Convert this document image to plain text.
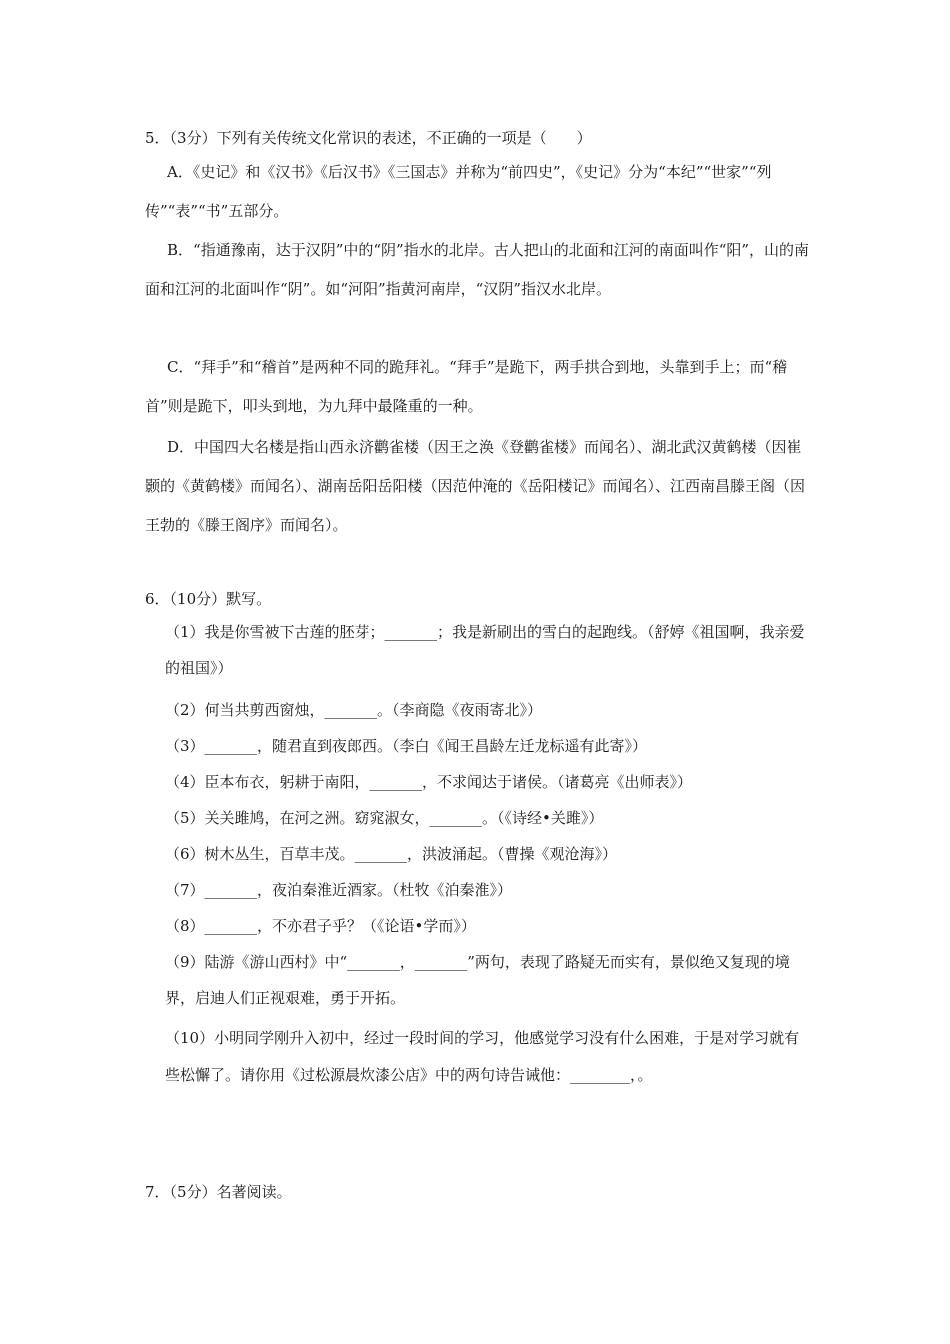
5．（3分）下列有关传统文化常识的表述，不正确的一项是（　　）
A．《史记》和《汉书》《后汉书》《三国志》并称为“前四史”，《史记》分为“本纪”“世家”“列传”“表”“书”五部分。
B．“指通豫南，达于汉阴”中的“阴”指水的北岸。古人把山的北面和江河的南面叫作“阳”，山的南面和江河的北面叫作“阴”。如“河阳”指黄河南岸，“汉阴”指汉水北岸。
C．“拜手”和“稽首”是两种不同的跪拜礼。“拜手”是跪下，两手拱合到地，头靠到手上；而“稽首”则是跪下，叩头到地，为九拜中最隆重的一种。
D．中国四大名楼是指山西永济鹳雀楼（因王之涣《登鹳雀楼》而闻名）、湖北武汉黄鹤楼（因崔颢的《黄鹤楼》而闻名）、湖南岳阳岳阳楼（因范仲淹的《岳阳楼记》而闻名）、江西南昌滕王阁（因王勃的《滕王阁序》而闻名）。
6．（10分）默写。
（1）我是你雪被下古莲的胚芽；_______；我是新刷出的雪白的起跑线。（舒婷《祖国啊，我亲爱的祖国》）
（2）何当共剪西窗烛，_______。（李商隐《夜雨寄北》）
（3）_______，随君直到夜郎西。（李白《闻王昌龄左迁龙标遥有此寄》）
（4）臣本布衣，躬耕于南阳，_______，不求闻达于诸侯。（诸葛亮《出师表》）
（5）关关雎鸠，在河之洲。窈窕淑女，_______。（《诗经•关雎》）
（6）树木丛生，百草丰茂。_______，洪波涌起。（曹操《观沧海》）
（7）_______，夜泊秦淮近酒家。（杜牧《泊秦淮》）
（8）_______，不亦君子乎？（《论语•学而》）
（9）陆游《游山西村》中“_______，_______”两句，表现了路疑无而实有，景似绝又复现的境界，启迪人们正视艰难，勇于开拓。
（10）小明同学刚升入初中，经过一段时间的学习，他感觉学习没有什么困难，于是对学习就有些松懈了。请你用《过松源晨炊漆公店》中的两句诗告诫他：________，。
7．（5分）名著阅读。
